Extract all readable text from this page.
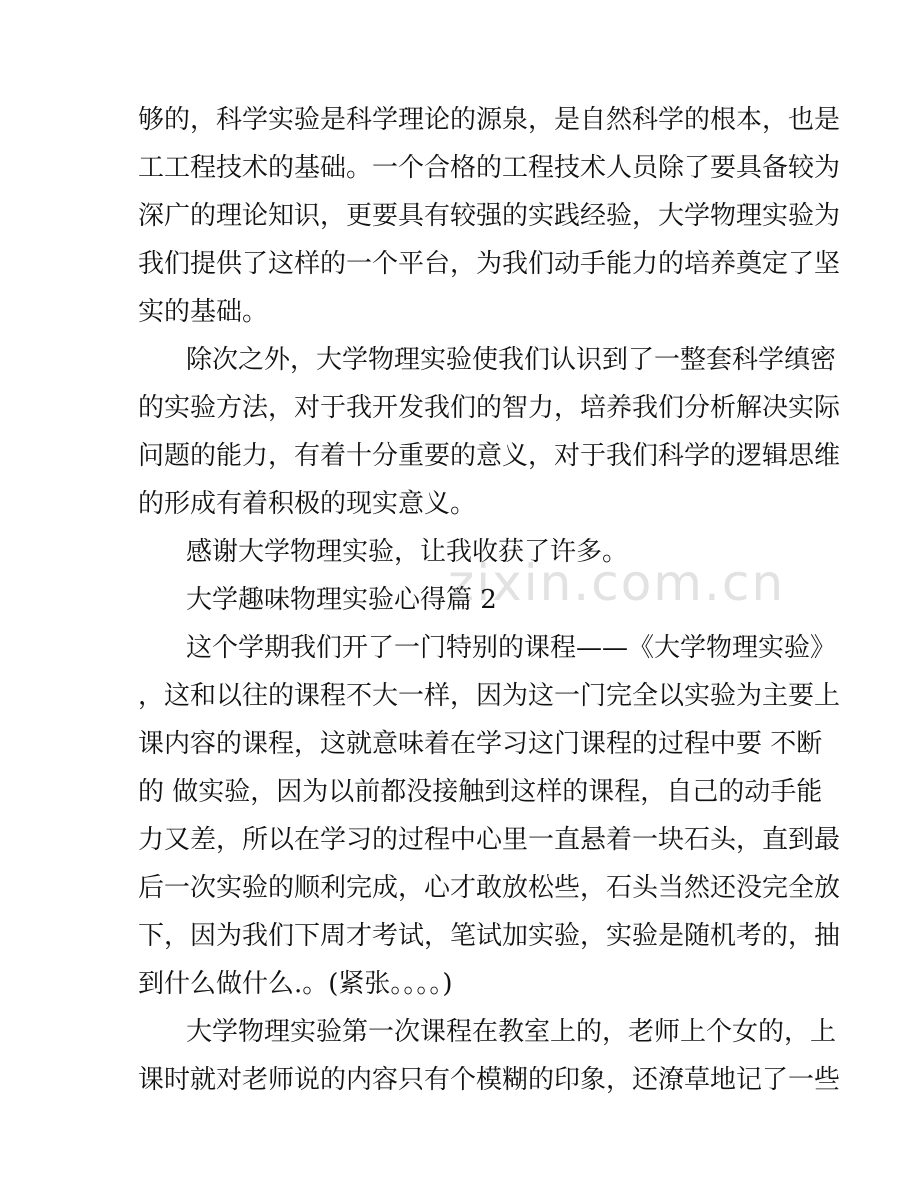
zixin.com.cn
够的，科学实验是科学理论的源泉，是自然科学的根本，也是
工工程技术的基础。一个合格的工程技术人员除了要具备较为
深广的理论知识，更要具有较强的实践经验，大学物理实验为
我们提供了这样的一个平台，为我们动手能力的培养奠定了坚
实的基础。
除次之外，大学物理实验使我们认识到了一整套科学缜密
的实验方法，对于我开发我们的智力，培养我们分析解决实际
问题的能力，有着十分重要的意义，对于我们科学的逻辑思维
的形成有着积极的现实意义。
感谢大学物理实验，让我收获了许多。
大学趣味物理实验心得篇 2
这个学期我们开了一门特别的课程——《大学物理实验》
，这和以往的课程不大一样，因为这一门完全以实验为主要上
课内容的课程，这就意味着在学习这门课程的过程中要 不断
的 做实验，因为以前都没接触到这样的课程，自己的动手能
力又差，所以在学习的过程中心里一直悬着一块石头，直到最
后一次实验的顺利完成，心才敢放松些，石头当然还没完全放
下，因为我们下周才考试，笔试加实验，实验是随机考的，抽
到什么做什么.。(紧张。。。。)
大学物理实验第一次课程在教室上的，老师上个女的，上
课时就对老师说的内容只有个模糊的印象，还潦草地记了一些
